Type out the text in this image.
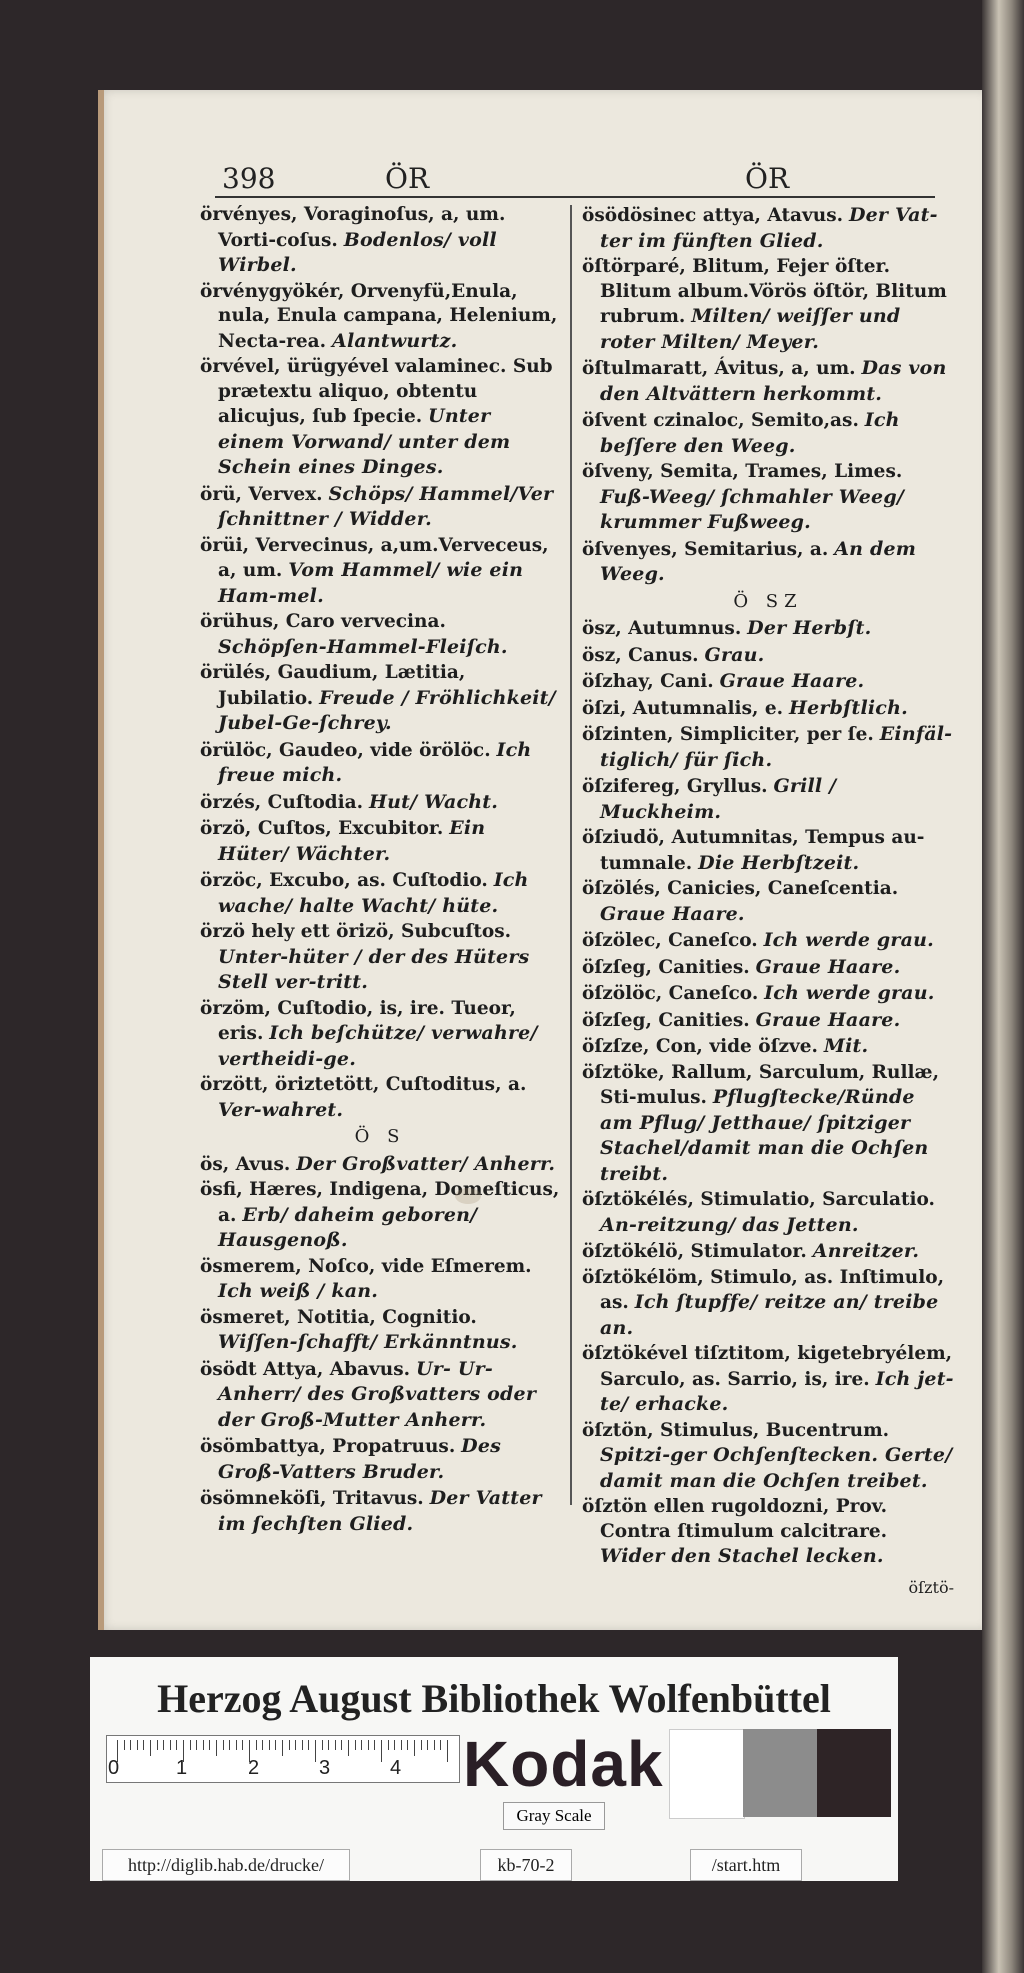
398	ÖR	ÖR
örvényes, Voraginoſus, a, um. Vorti-coſus. Bodenlos/ voll Wirbel.
örvénygyökér, Orvenyfü,Enula, nula, Enula campana, Helenium, Necta-rea. Alantwurtz.
örvével, ürügyével valaminec. Sub prætextu aliquo, obtentu alicujus, ſub ſpecie. Unter einem Vorwand/ unter dem Schein eines Dinges.
örü, Vervex. Schöps/ Hammel/Ver ſchnittner / Widder.
örüi, Vervecinus, a,um.Verveceus, a, um. Vom Hammel/ wie ein Ham-mel.
örühus, Caro vervecina. Schöpſen-Hammel-Fleiſch.
örülés, Gaudium, Lætitia, Jubilatio. Freude / Fröhlichkeit/ Jubel-Ge-ſchrey.
örülöc, Gaudeo, vide örölöc. Ich freue mich.
örzés, Cuſtodia. Hut/ Wacht.
örzö, Cuſtos, Excubitor. Ein Hüter/ Wächter.
örzöc, Excubo, as. Cuſtodio. Ich wache/ halte Wacht/ hüte.
örzö hely ett örizö, Subcuſtos. Unter-hüter / der des Hüters Stell ver-tritt.
örzöm, Cuſtodio, is, ire. Tueor, eris. Ich beſchütze/ verwahre/ vertheidi-ge.
örzött, öriztetött, Cuſtoditus, a. Ver-wahret.
Ö S
ös, Avus. Der Großvatter/ Anherr.
ösfi, Hæres, Indigena, Domeſticus, a. Erb/ daheim geboren/ Hausgenoß.
ösmerem, Noſco, vide Eſmerem. Ich weiß / kan.
ösmeret, Notitia, Cognitio. Wiſſen-ſchafft/ Erkänntnus.
ösödt Attya, Abavus. Ur- Ur-Anherr/ des Großvatters oder der Groß-Mutter Anherr.
ösömbattya, Propatruus. Des Groß-Vatters Bruder.
ösömneköſi, Tritavus. Der Vatter im ſechſten Glied.
ösödösinec attya, Atavus. Der Vat-ter im fünften Glied.
öſtörparé, Blitum, Fejer öſter. Blitum album.Vörös öſtör, Blitum rubrum. Milten/ weiſſer und roter Milten/ Meyer.
öſtulmaratt, Ávitus, a, um. Das von den Altvättern herkommt.
öſvent czinaloc, Semito,as. Ich beſſere den Weeg.
öſveny, Semita, Trames, Limes. Fuß-Weeg/ ſchmahler Weeg/ krummer Fußweeg.
öſvenyes, Semitarius, a. An dem Weeg.
Ö SZ
ösz, Autumnus. Der Herbſt.
ösz, Canus. Grau.
öſzhay, Cani. Graue Haare.
öſzi, Autumnalis, e. Herbſtlich.
öſzinten, Simpliciter, per ſe. Einfäl-tiglich/ für ſich.
öſzifereg, Gryllus. Grill / Muckheim.
öſziudö, Autumnitas, Tempus au-tumnale. Die Herbſtzeit.
öſzölés, Canicies, Caneſcentia. Graue Haare.
öſzölec, Caneſco. Ich werde grau.
öſzſeg, Canities. Graue Haare.
öſzölöc, Caneſco. Ich werde grau.
öſzſeg, Canities. Graue Haare.
öſzſze, Con, vide öſzve. Mit.
öſztöke, Rallum, Sarculum, Rullæ, Sti-mulus. Pflugſtecke/Ründe am Pflug/ Jetthaue/ ſpitziger Stachel/damit man die Ochſen treibt.
öſztökélés, Stimulatio, Sarculatio. An-reitzung/ das Jetten.
öſztökélö, Stimulator. Anreitzer.
öſztökélöm, Stimulo, as. Inſtimulo, as. Ich ſtupffe/ reitze an/ treibe an.
öſztökével tiſztitom, kigetebryélem, Sarculo, as. Sarrio, is, ire. Ich jet-te/ erhacke.
öſztön, Stimulus, Bucentrum. Spitzi-ger Ochſenſtecken. Gerte/ damit man die Ochſen treibet.
öſztön ellen rugoldozni, Prov. Contra ſtimulum calcitrare. Wider den Stachel lecken.
öſztö-
Herzog August Bibliothek Wolfenbüttel
0	1	2	3	4 Kodak
Gray Scale
http://diglib.hab.de/drucke/	kb-70-2	/start.htm
